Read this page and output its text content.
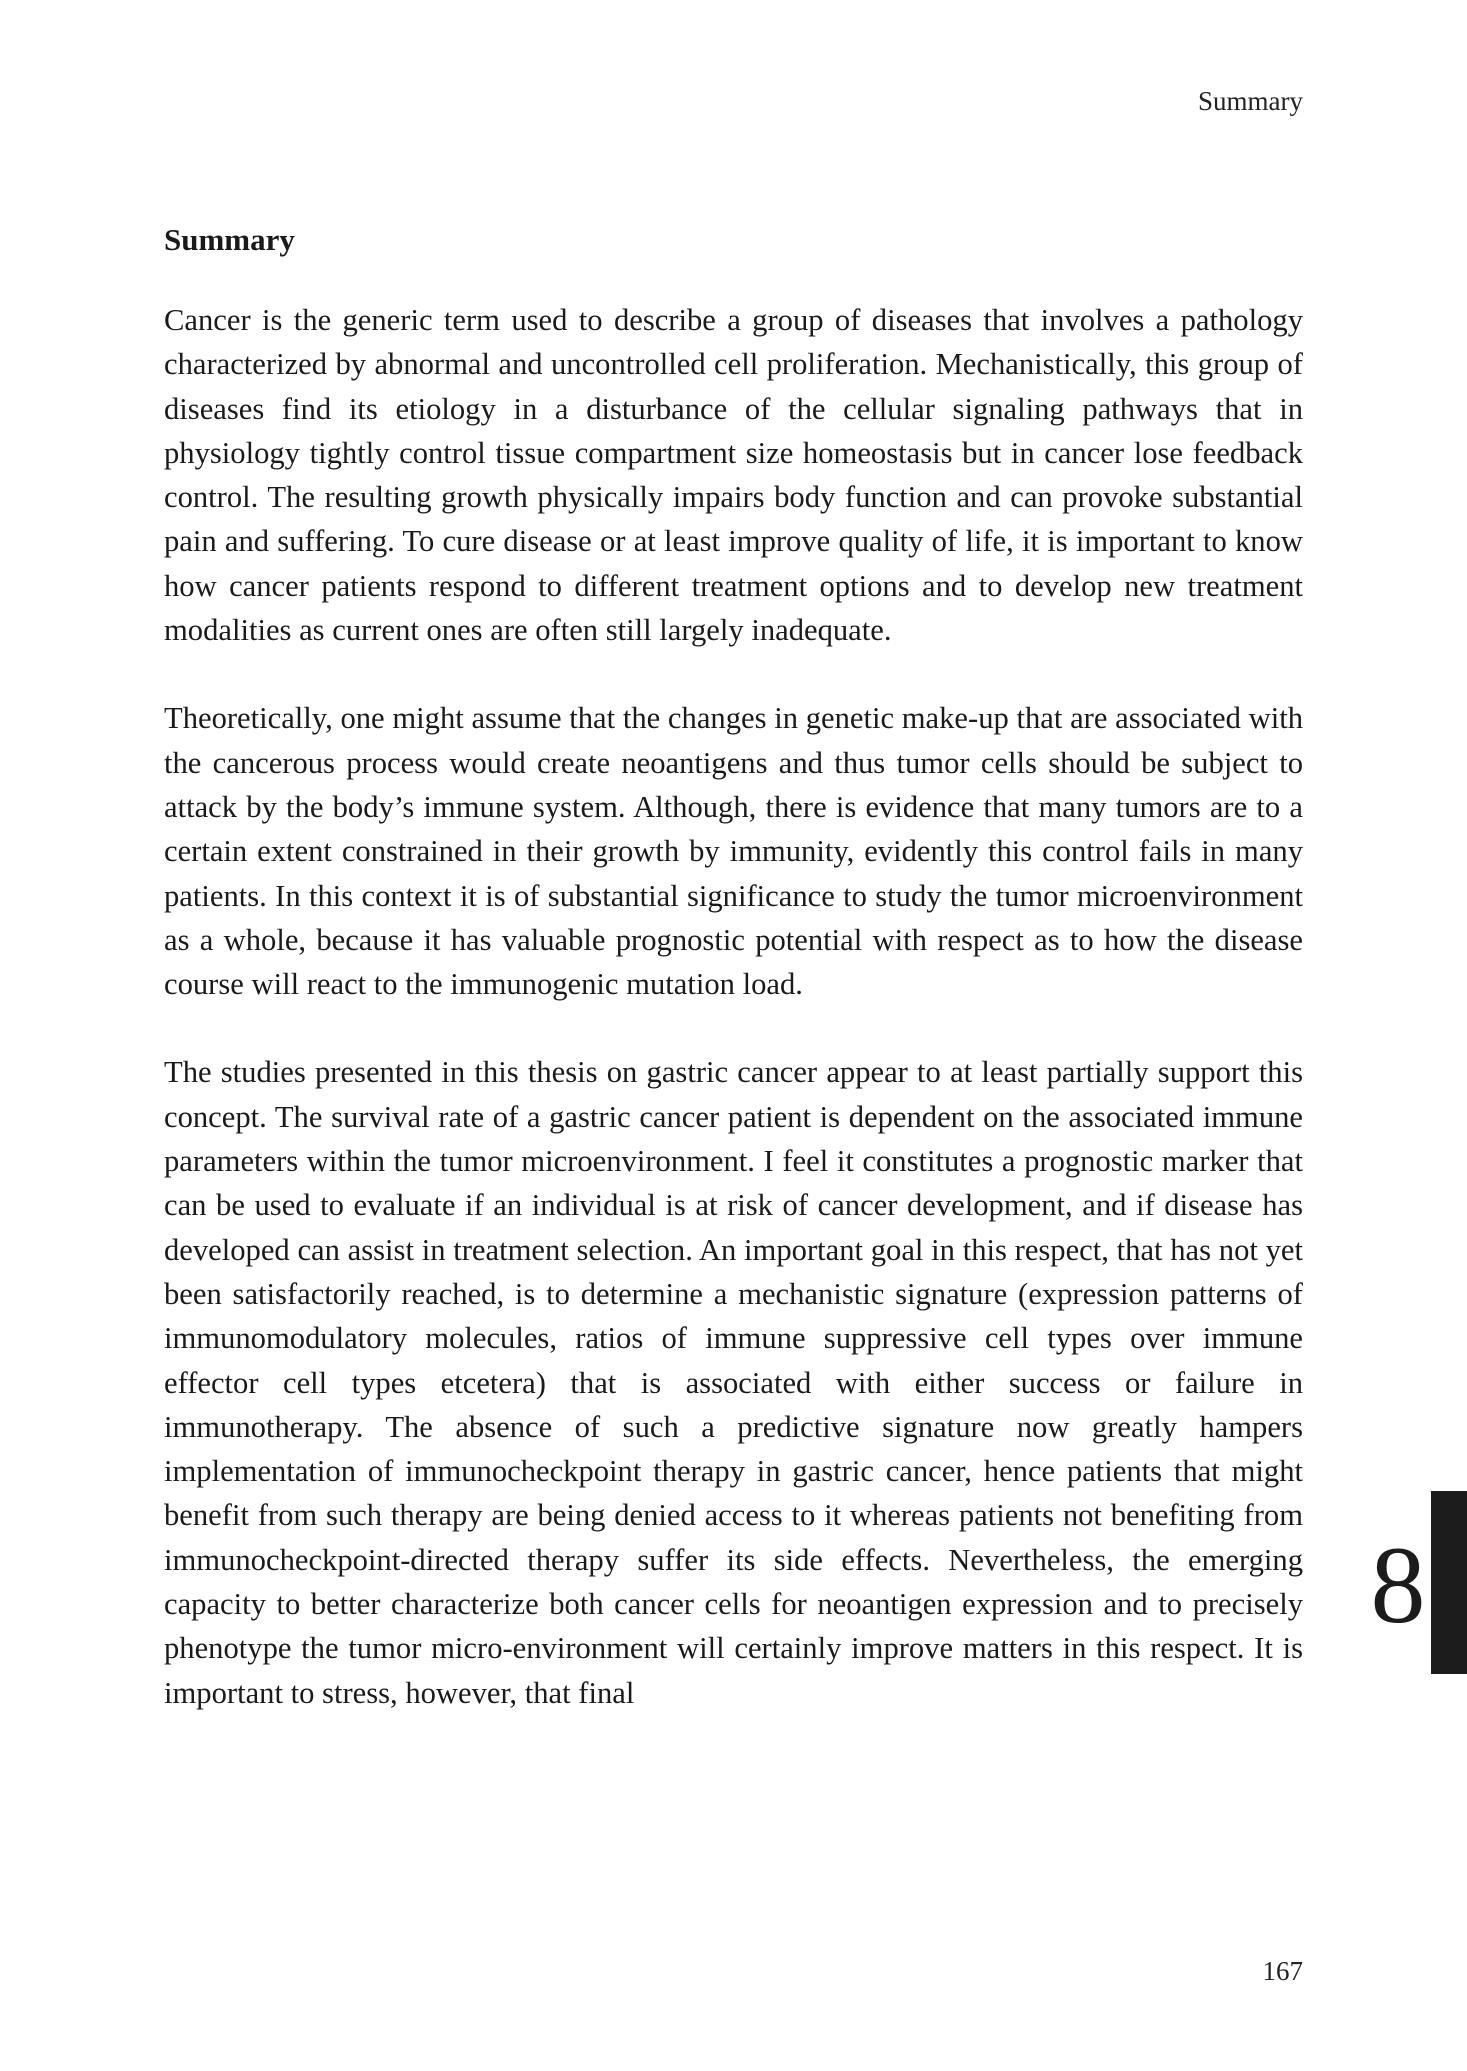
Summary
Summary

Cancer is the generic term used to describe a group of diseases that involves a pathology characterized by abnormal and uncontrolled cell proliferation. Mechanistically, this group of diseases find its etiology in a disturbance of the cellular signaling pathways that in physiology tightly control tissue compartment size homeostasis but in cancer lose feedback control. The resulting growth physically impairs body function and can provoke substantial pain and suffering. To cure disease or at least improve quality of life, it is important to know how cancer patients respond to different treatment options and to develop new treatment modalities as current ones are often still largely inadequate.

Theoretically, one might assume that the changes in genetic make-up that are associated with the cancerous process would create neoantigens and thus tumor cells should be subject to attack by the body’s immune system. Although, there is evidence that many tumors are to a certain extent constrained in their growth by immunity, evidently this control fails in many patients. In this context it is of substantial significance to study the tumor microenvironment as a whole, because it has valuable prognostic potential with respect as to how the disease course will react to the immunogenic mutation load.

The studies presented in this thesis on gastric cancer appear to at least partially support this concept. The survival rate of a gastric cancer patient is dependent on the associated immune parameters within the tumor microenvironment. I feel it constitutes a prognostic marker that can be used to evaluate if an individual is at risk of cancer development, and if disease has developed can assist in treatment selection. An important goal in this respect, that has not yet been satisfactorily reached, is to determine a mechanistic signature (expression patterns of immunomodulatory molecules, ratios of immune suppressive cell types over immune effector cell types etcetera) that is associated with either success or failure in immunotherapy. The absence of such a predictive signature now greatly hampers implementation of immunocheckpoint therapy in gastric cancer, hence patients that might benefit from such therapy are being denied access to it whereas patients not benefiting from immunocheckpoint-directed therapy suffer its side effects. Nevertheless, the emerging capacity to better characterize both cancer cells for neoantigen expression and to precisely phenotype the tumor micro-environment will certainly improve matters in this respect. It is important to stress, however, that final

8
167
